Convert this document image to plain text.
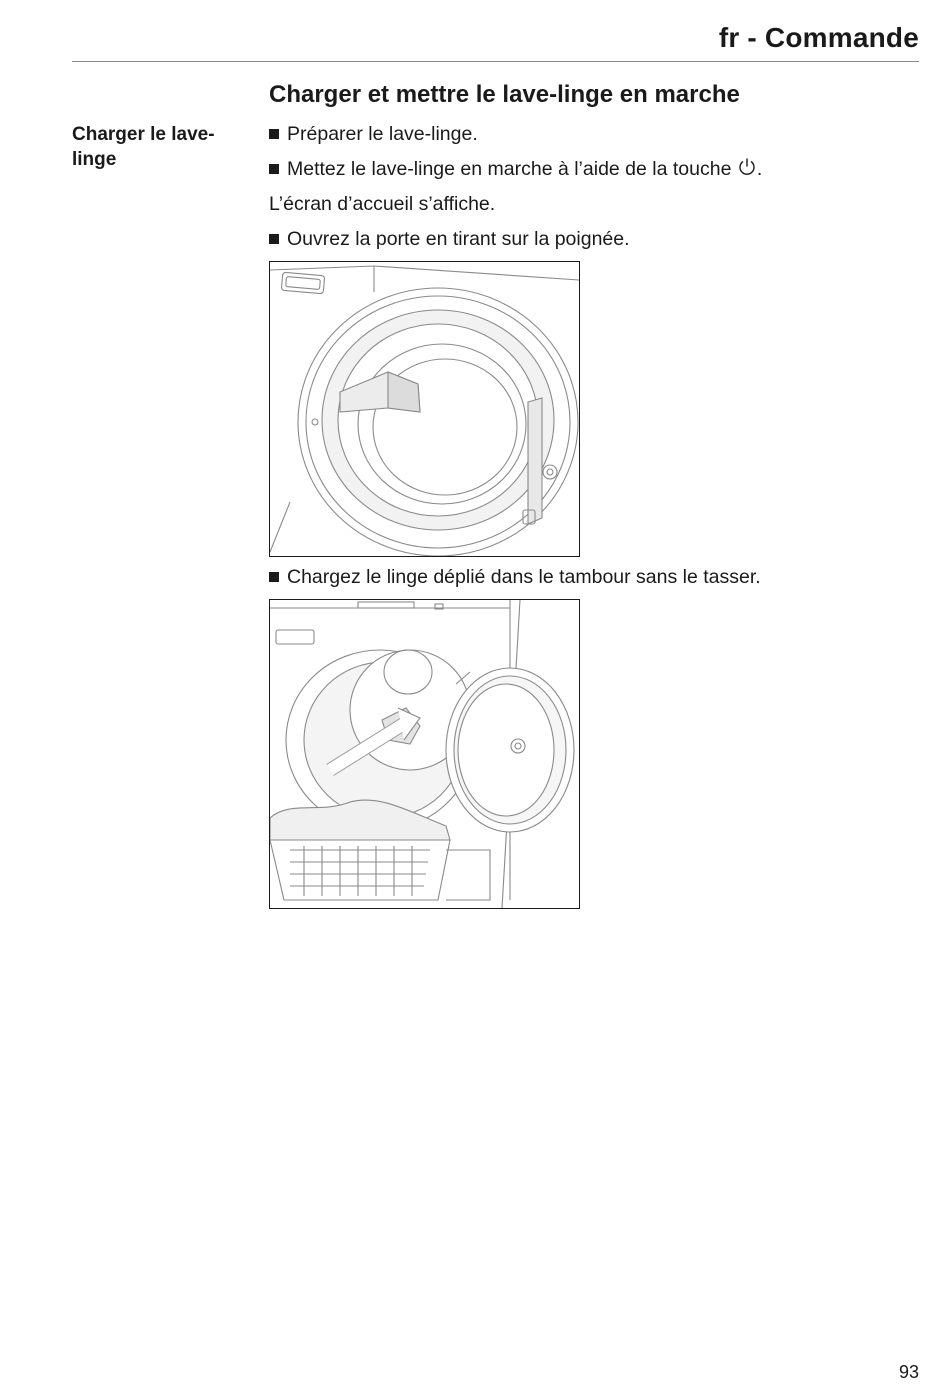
fr - Commande
Charger et mettre le lave-linge en marche
Charger le lave-linge
Préparer le lave-linge.
Mettez le lave-linge en marche à l’aide de la touche .
L’écran d’accueil s’affiche.
Ouvrez la porte en tirant sur la poignée.
Chargez le linge déplié dans le tambour sans le tasser.
93
